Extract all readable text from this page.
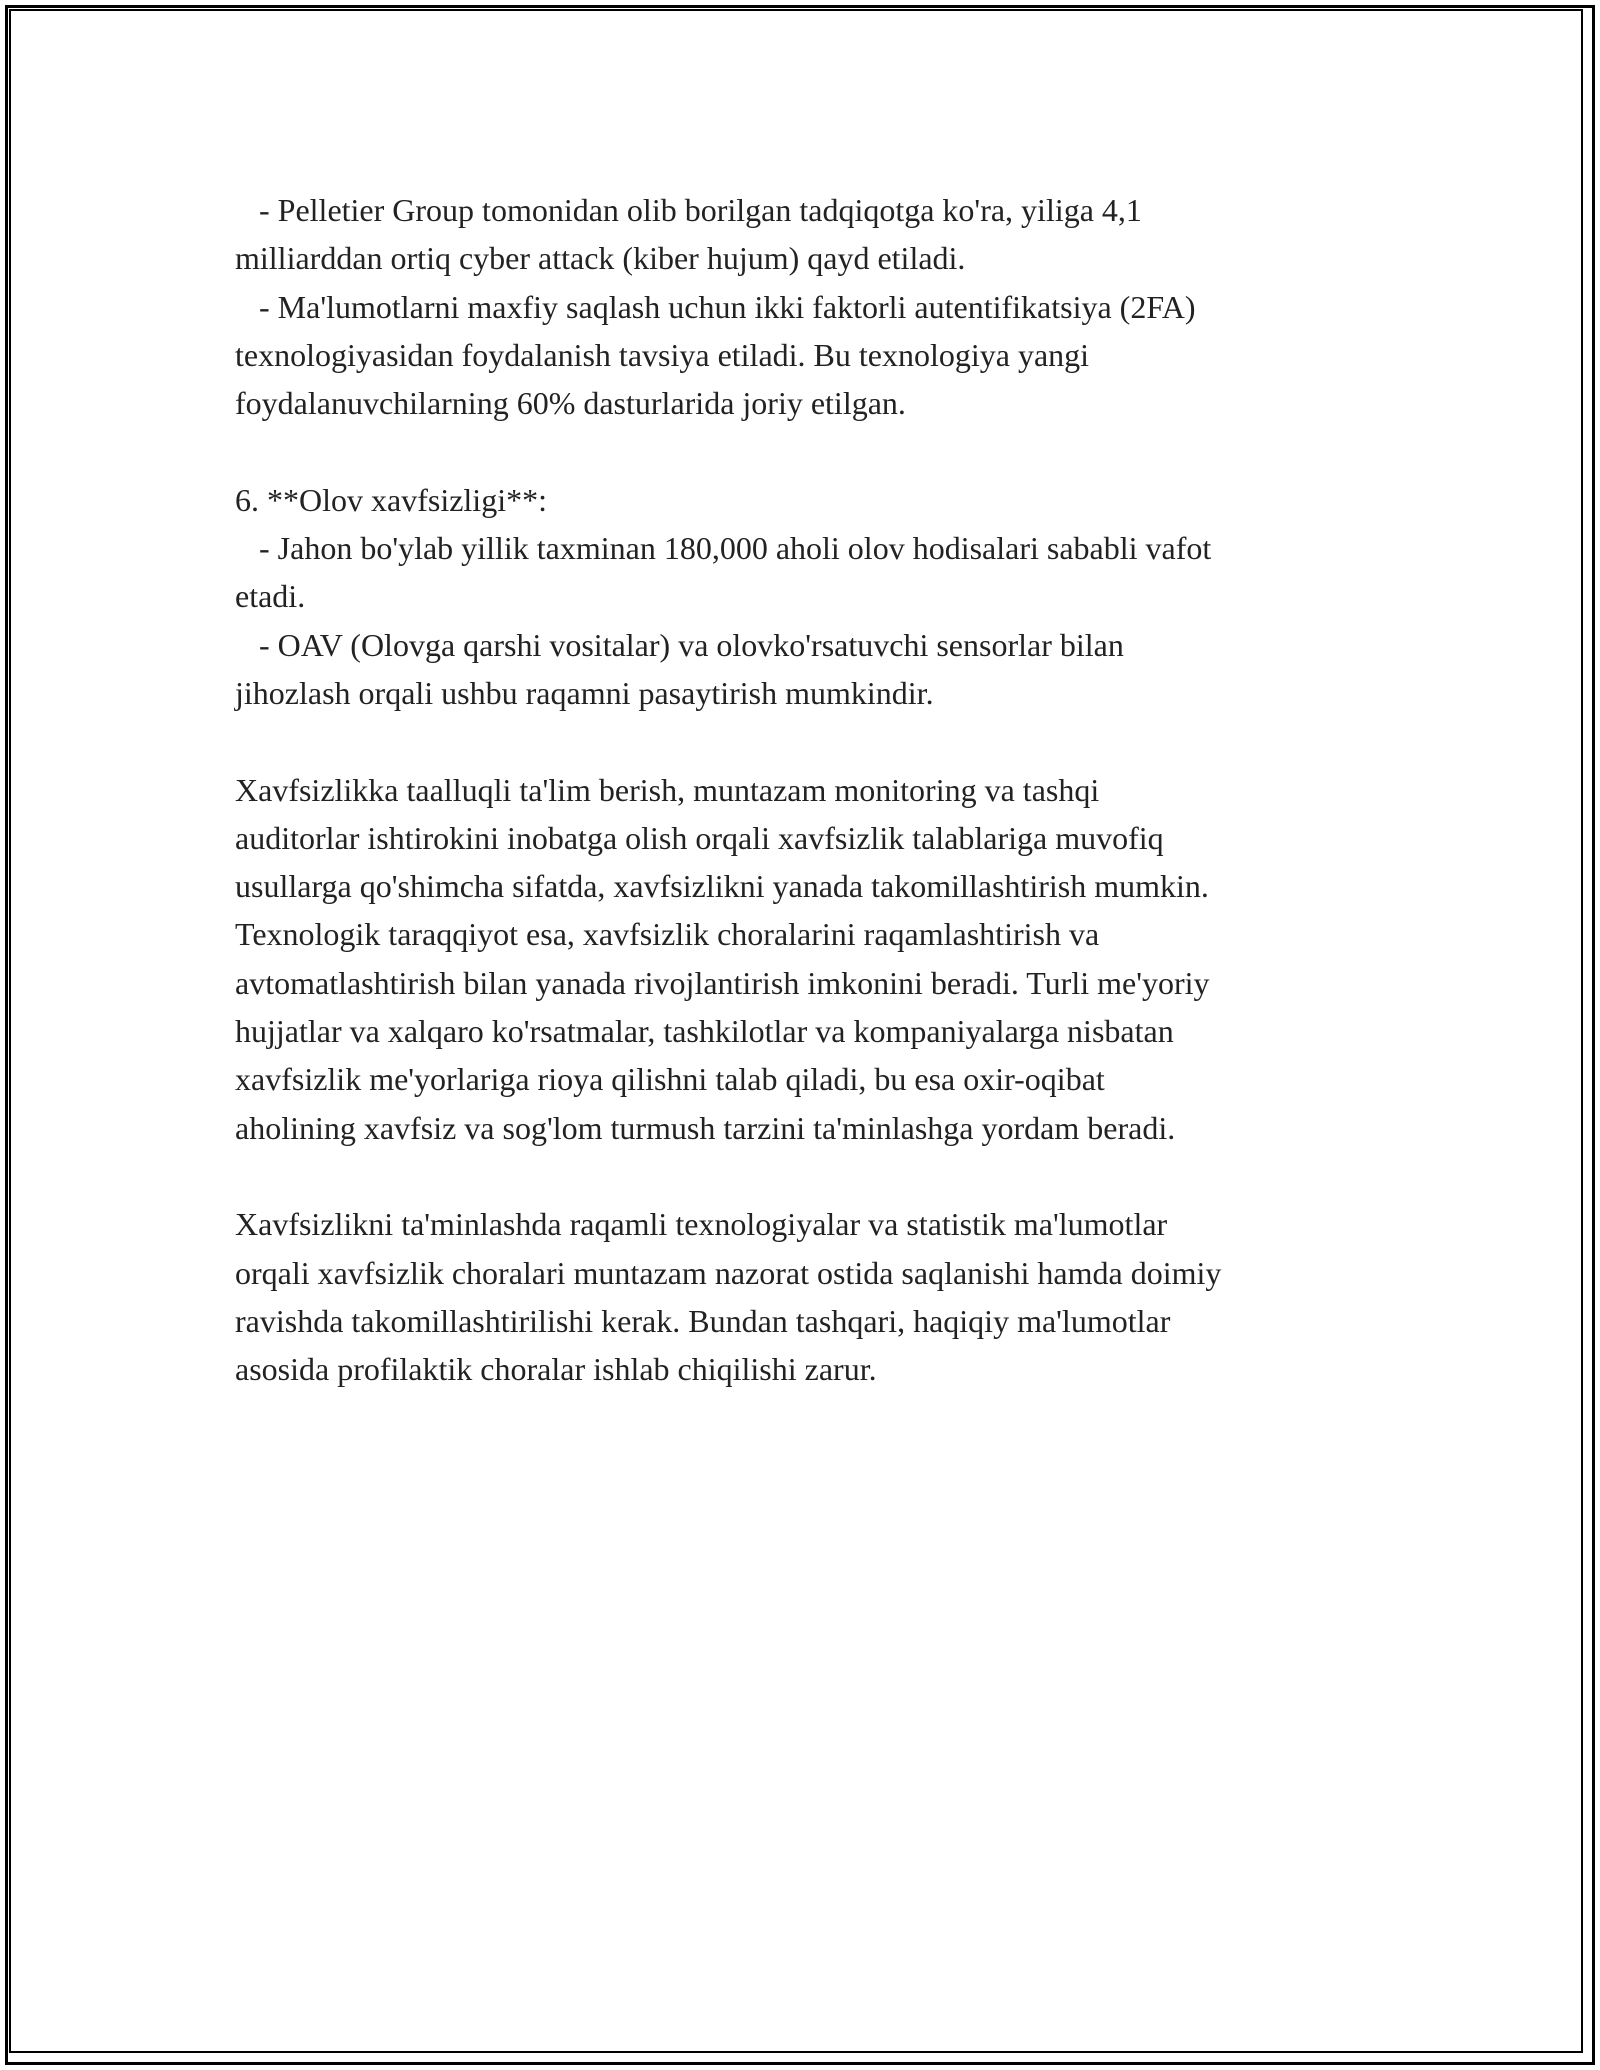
- Pelletier Group tomonidan olib borilgan tadqiqotga ko'ra, yiliga 4,1
milliarddan ortiq cyber attack (kiber hujum) qayd etiladi.
- Ma'lumotlarni maxfiy saqlash uchun ikki faktorli autentifikatsiya (2FA)
texnologiyasidan foydalanish tavsiya etiladi. Bu texnologiya yangi
foydalanuvchilarning 60% dasturlarida joriy etilgan.
6. **Olov xavfsizligi**:
- Jahon bo'ylab yillik taxminan 180,000 aholi olov hodisalari sababli vafot
etadi.
- OAV (Olovga qarshi vositalar) va olovko'rsatuvchi sensorlar bilan
jihozlash orqali ushbu raqamni pasaytirish mumkindir.
Xavfsizlikka taalluqli ta'lim berish, muntazam monitoring va tashqi
auditorlar ishtirokini inobatga olish orqali xavfsizlik talablariga muvofiq
usullarga qo'shimcha sifatda, xavfsizlikni yanada takomillashtirish mumkin.
Texnologik taraqqiyot esa, xavfsizlik choralarini raqamlashtirish va
avtomatlashtirish bilan yanada rivojlantirish imkonini beradi. Turli me'yoriy
hujjatlar va xalqaro ko'rsatmalar, tashkilotlar va kompaniyalarga nisbatan
xavfsizlik me'yorlariga rioya qilishni talab qiladi, bu esa oxir-oqibat
aholining xavfsiz va sog'lom turmush tarzini ta'minlashga yordam beradi.
Xavfsizlikni ta'minlashda raqamli texnologiyalar va statistik ma'lumotlar
orqali xavfsizlik choralari muntazam nazorat ostida saqlanishi hamda doimiy
ravishda takomillashtirilishi kerak. Bundan tashqari, haqiqiy ma'lumotlar
asosida profilaktik choralar ishlab chiqilishi zarur.
